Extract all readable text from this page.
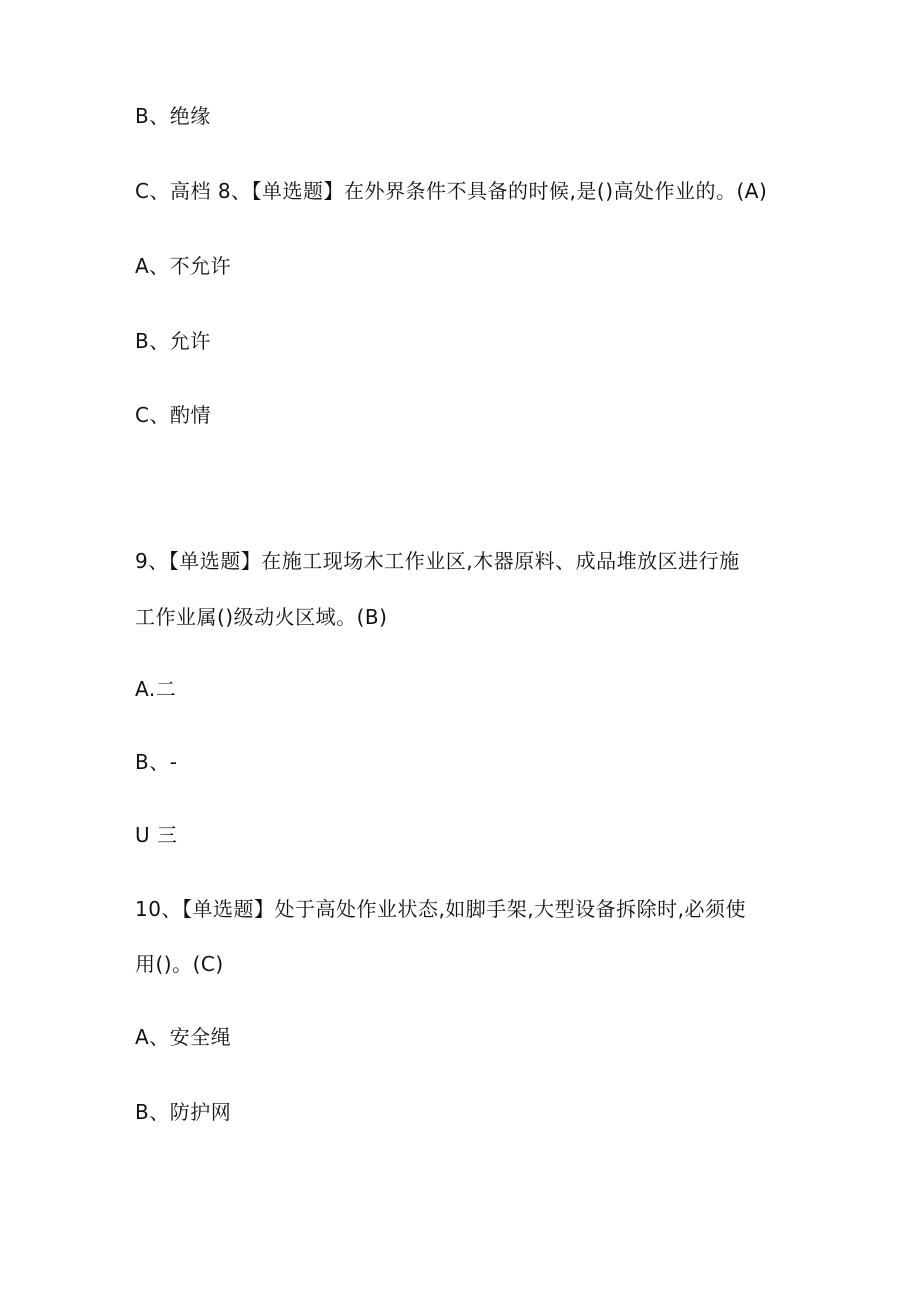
B、绝缘
C、高档 8、【单选题】在外界条件不具备的时候,是()高处作业的。(A)
A、不允许
B、允许
C、酌情
9、【单选题】在施工现场木工作业区,木器原料、成品堆放区进行施
工作业属()级动火区域。(B)
A.二
B、-
U 三
10、【单选题】处于高处作业状态,如脚手架,大型设备拆除时,必须使
用()。(C)
A、安全绳
B、防护网
